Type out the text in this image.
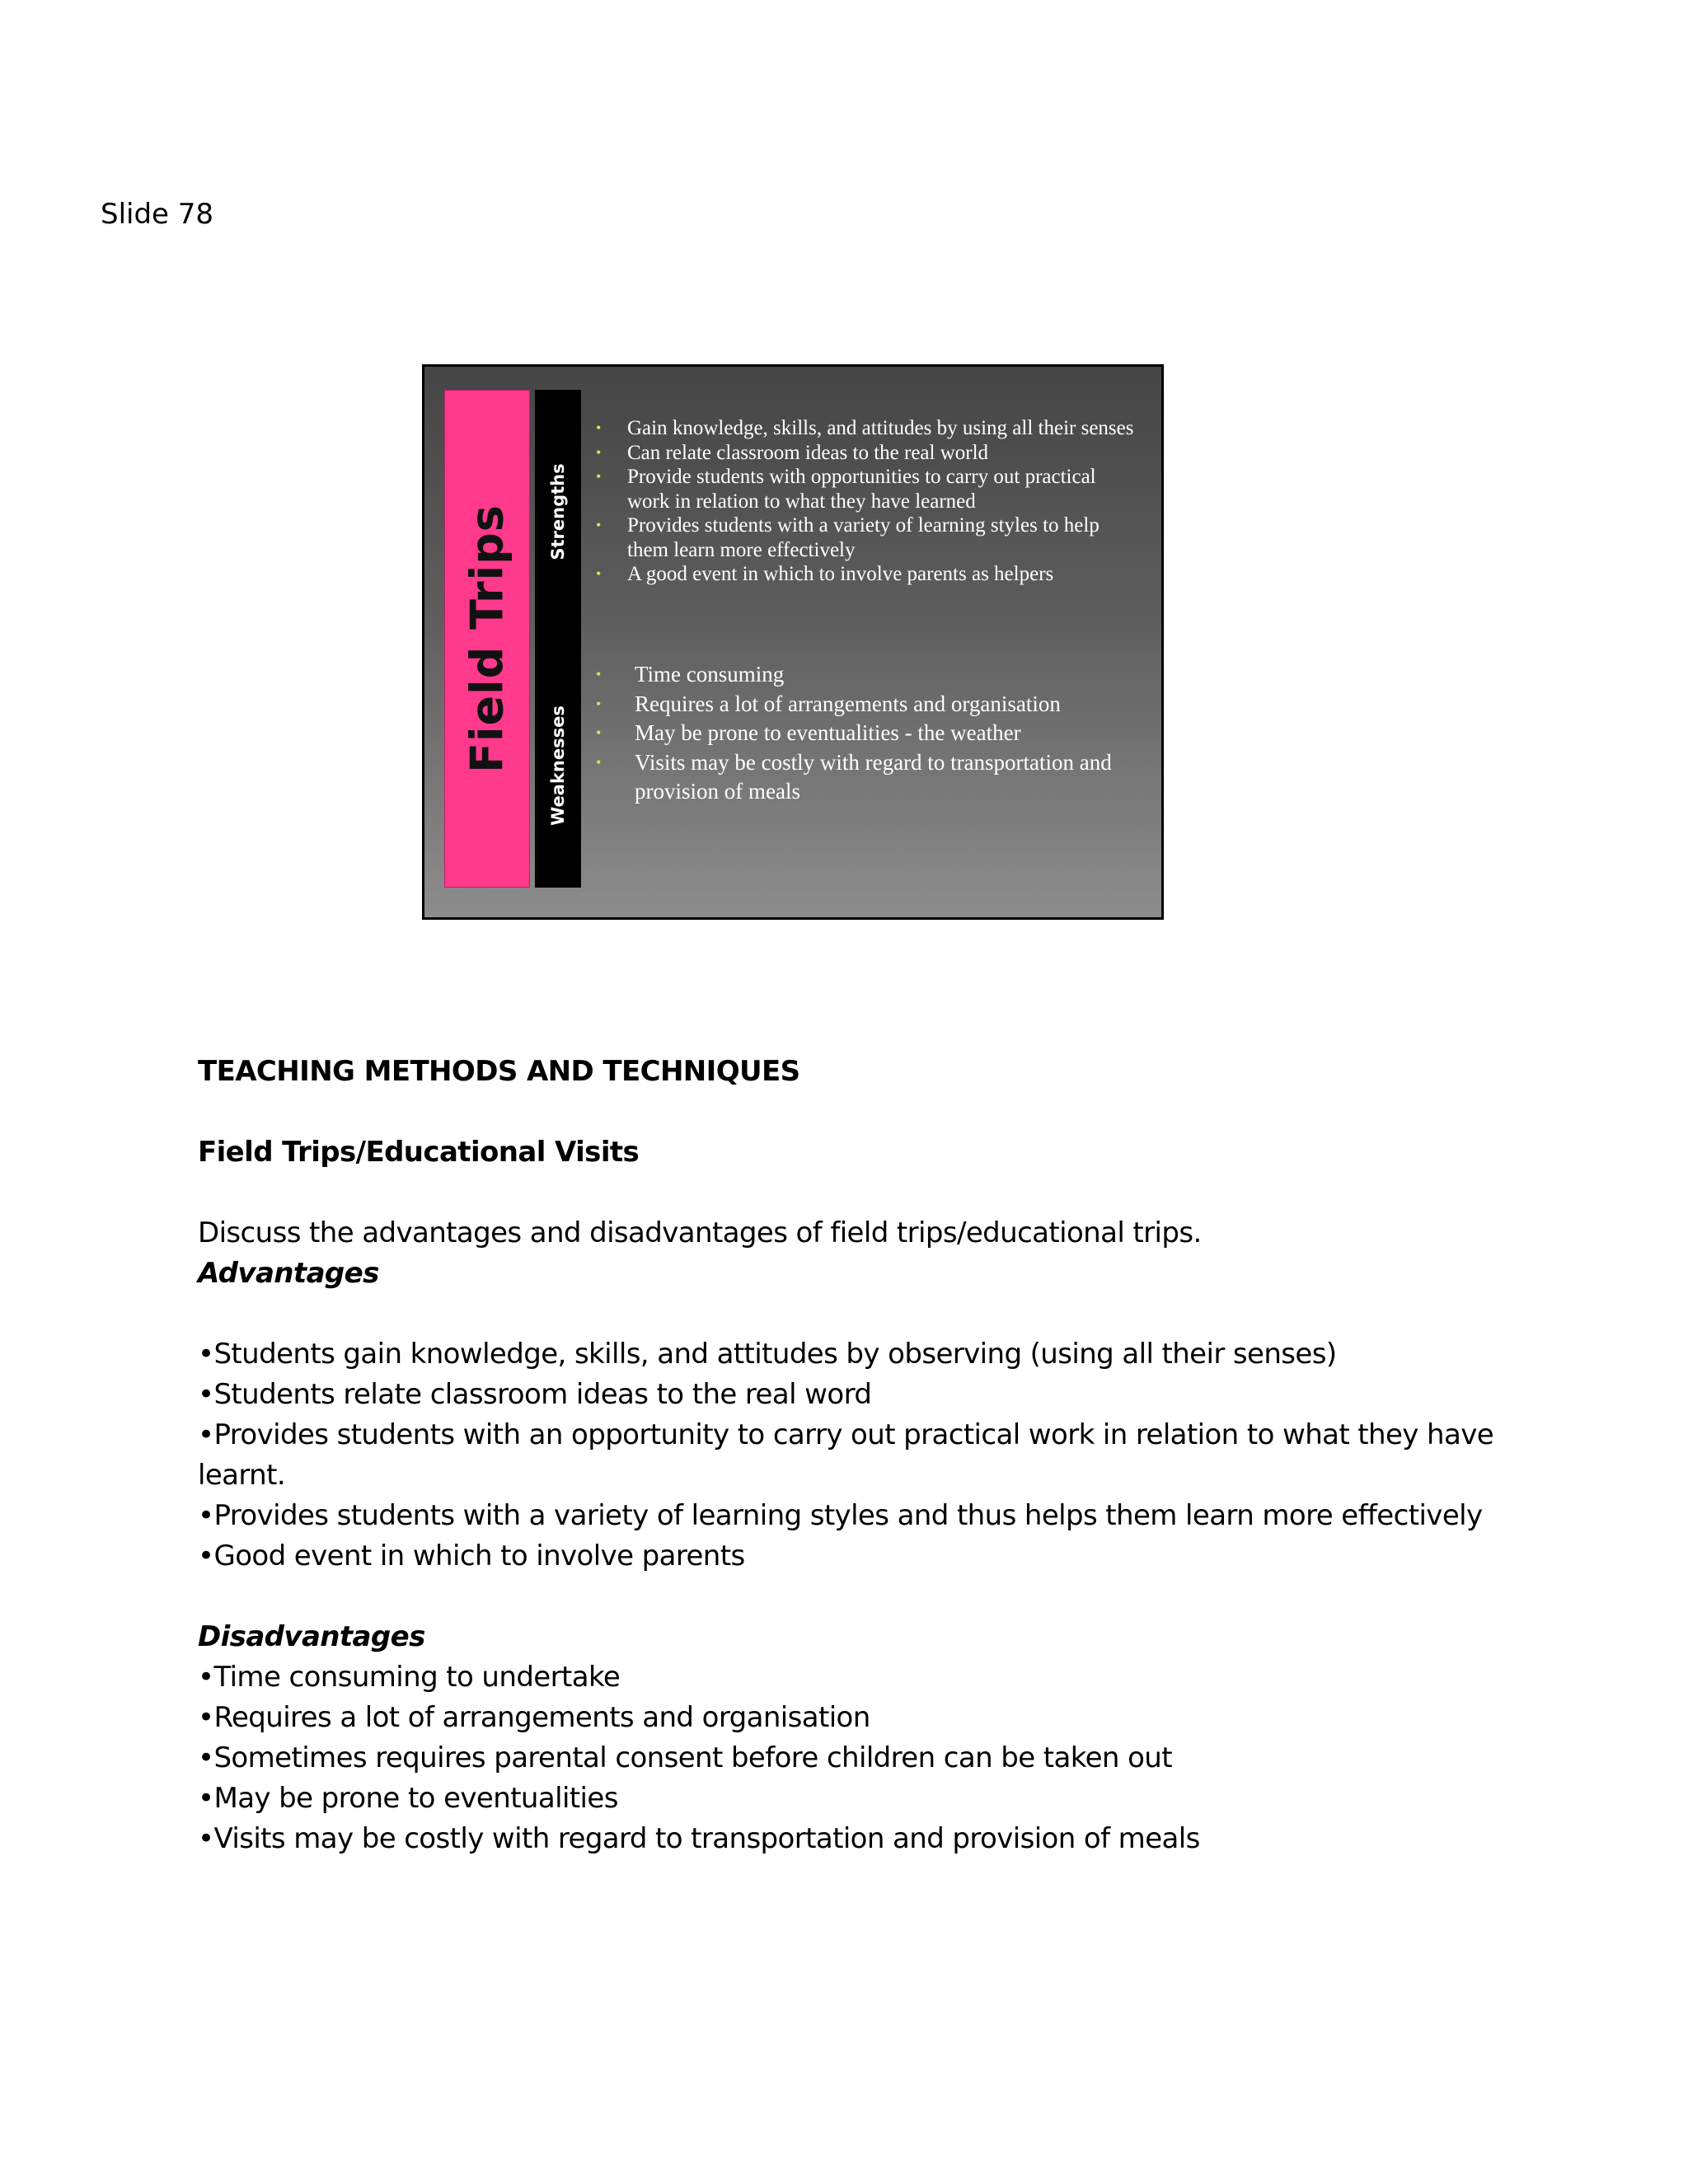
Slide 78
Field Trips Strengths
Weaknesses
• Gain knowledge, skills, and attitudes by using all their senses
• Can relate classroom ideas to the real world
• Provide students with opportunities to carry out practical work in relation to what they have learned
• Provides students with a variety of learning styles to help them learn more effectively
• A good event in which to involve parents as helpers
• Time consuming
• Requires a lot of arrangements and organisation
• May be prone to eventualities - the weather
• Visits may be costly with regard to transportation and provision of meals

TEACHING METHODS AND TECHNIQUES

Field Trips/Educational Visits

Discuss the advantages and disadvantages of field trips/educational trips.

Advantages

•Students gain knowledge, skills, and attitudes by observing (using all their senses)
•Students relate classroom ideas to the real word
•Provides students with an opportunity to carry out practical work in relation to what they have learnt.
•Provides students with a variety of learning styles and thus helps them learn more effectively
•Good event in which to involve parents

Disadvantages

•Time consuming to undertake
•Requires a lot of arrangements and organisation
•Sometimes requires parental consent before children can be taken out
•May be prone to eventualities
•Visits may be costly with regard to transportation and provision of meals
